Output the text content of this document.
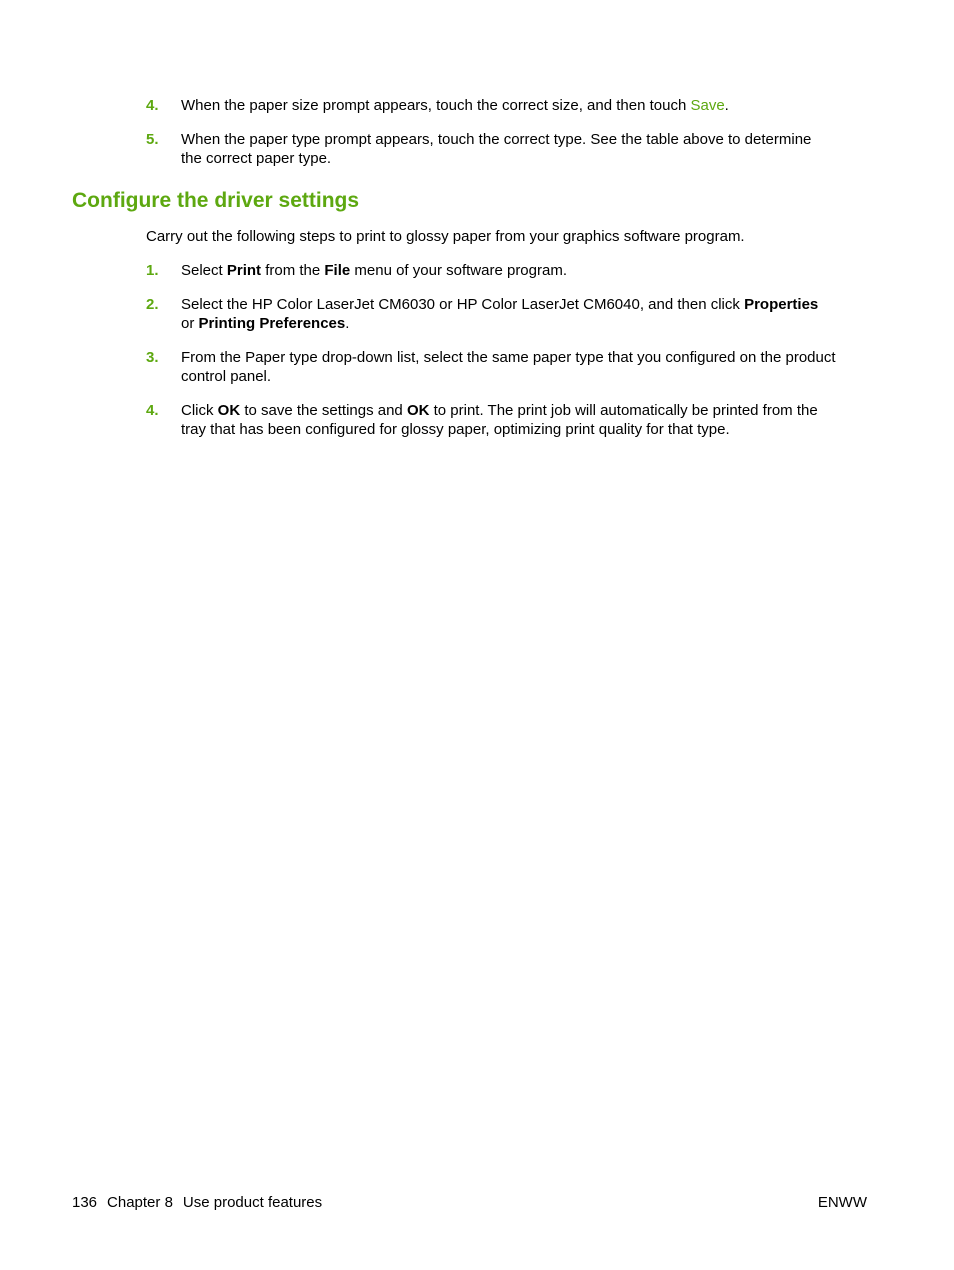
4. When the paper size prompt appears, touch the correct size, and then touch Save.
5. When the paper type prompt appears, touch the correct type. See the table above to determine
the correct paper type.
Configure the driver settings
Carry out the following steps to print to glossy paper from your graphics software program.
1. Select Print from the File menu of your software program.
2. Select the HP Color LaserJet CM6030 or HP Color LaserJet CM6040, and then click Properties
or Printing Preferences.
3. From the Paper type drop-down list, select the same paper type that you configured on the product
control panel.
4. Click OK to save the settings and OK to print. The print job will automatically be printed from the
tray that has been configured for glossy paper, optimizing print quality for that type.
136 Chapter 8 Use product features	ENWW
